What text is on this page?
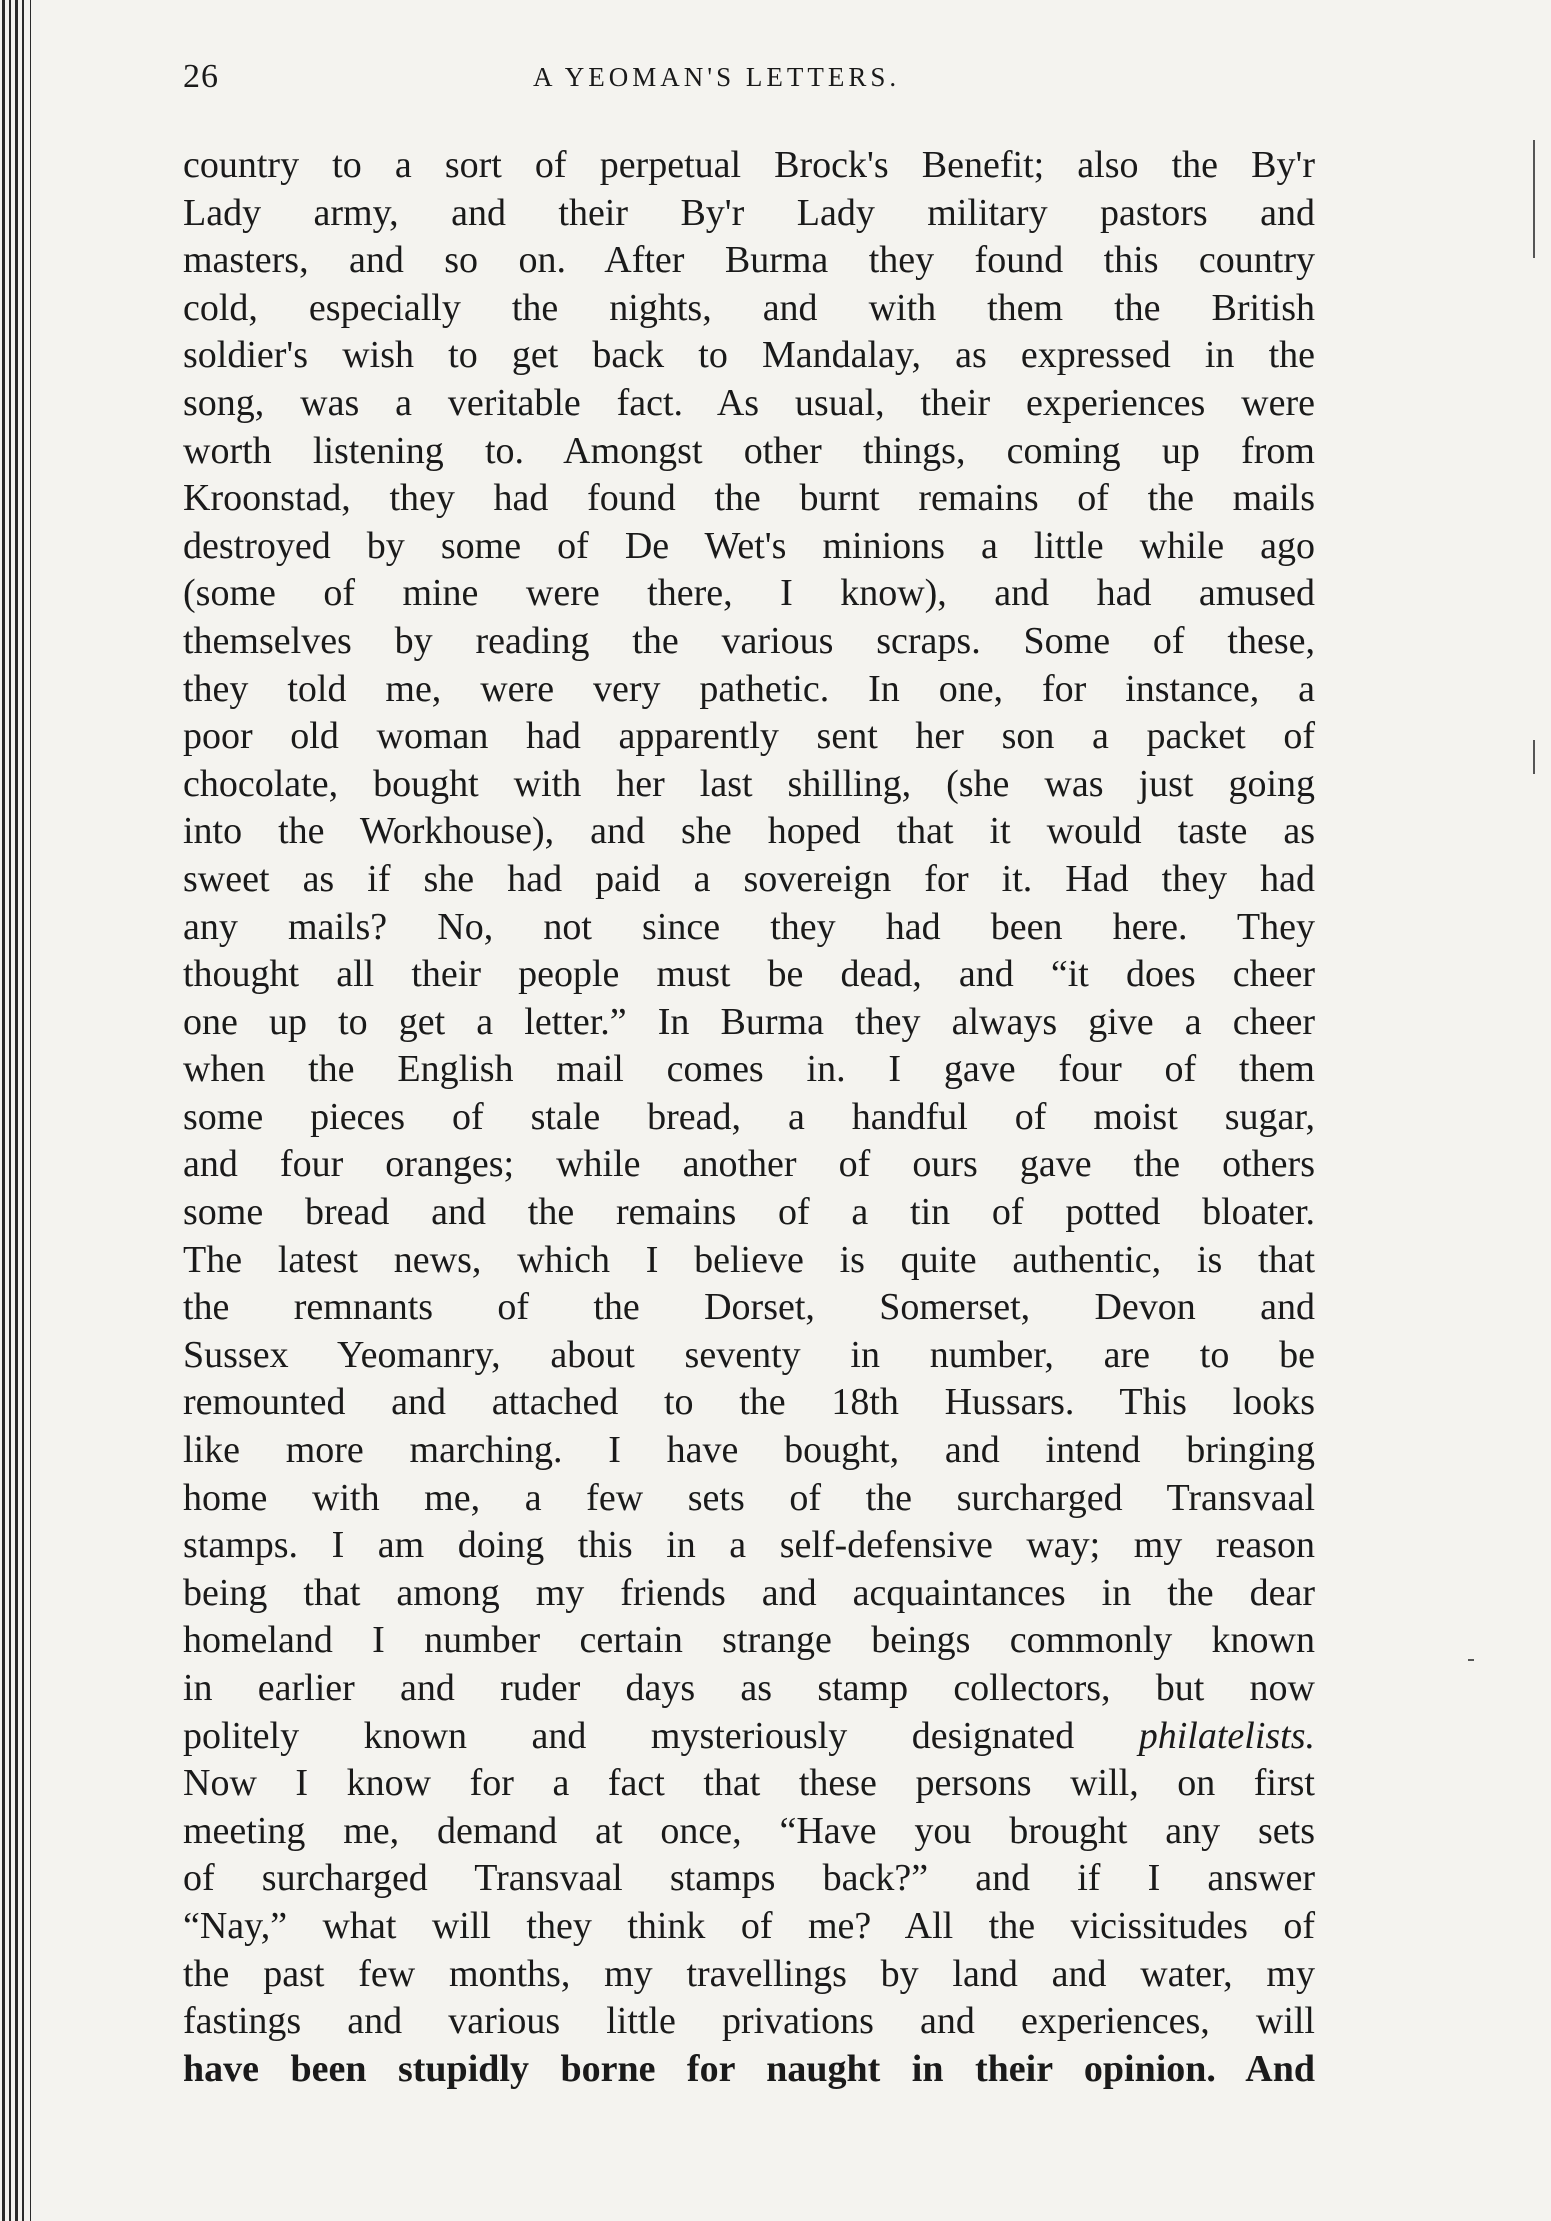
26	A YEOMAN'S LETTERS.
country to a sort of perpetual Brock's Benefit; also the By'r
Lady army, and their By'r Lady military pastors and
masters, and so on. After Burma they found this country
cold, especially the nights, and with them the British
soldier's wish to get back to Mandalay, as expressed in the
song, was a veritable fact. As usual, their experiences were
worth listening to. Amongst other things, coming up from
Kroonstad, they had found the burnt remains of the mails
destroyed by some of De Wet's minions a little while ago
(some of mine were there, I know), and had amused
themselves by reading the various scraps. Some of these,
they told me, were very pathetic. In one, for instance, a
poor old woman had apparently sent her son a packet of
chocolate, bought with her last shilling, (she was just going
into the Workhouse), and she hoped that it would taste as
sweet as if she had paid a sovereign for it. Had they had
any mails? No, not since they had been here. They
thought all their people must be dead, and “it does cheer
one up to get a letter.” In Burma they always give a cheer
when the English mail comes in. I gave four of them
some pieces of stale bread, a handful of moist sugar,
and four oranges; while another of ours gave the others
some bread and the remains of a tin of potted bloater.
The latest news, which I believe is quite authentic, is that
the remnants of the Dorset, Somerset, Devon and
Sussex Yeomanry, about seventy in number, are to be
remounted and attached to the 18th Hussars. This looks
like more marching. I have bought, and intend bringing
home with me, a few sets of the surcharged Transvaal
stamps. I am doing this in a self-defensive way; my reason
being that among my friends and acquaintances in the dear
homeland I number certain strange beings commonly known
in earlier and ruder days as stamp collectors, but now
politely known and mysteriously designated philatelists.
Now I know for a fact that these persons will, on first
meeting me, demand at once, “Have you brought any sets
of surcharged Transvaal stamps back?” and if I answer
“Nay,” what will they think of me? All the vicissitudes of
the past few months, my travellings by land and water, my
fastings and various little privations and experiences, will
have been stupidly borne for naught in their opinion. And
